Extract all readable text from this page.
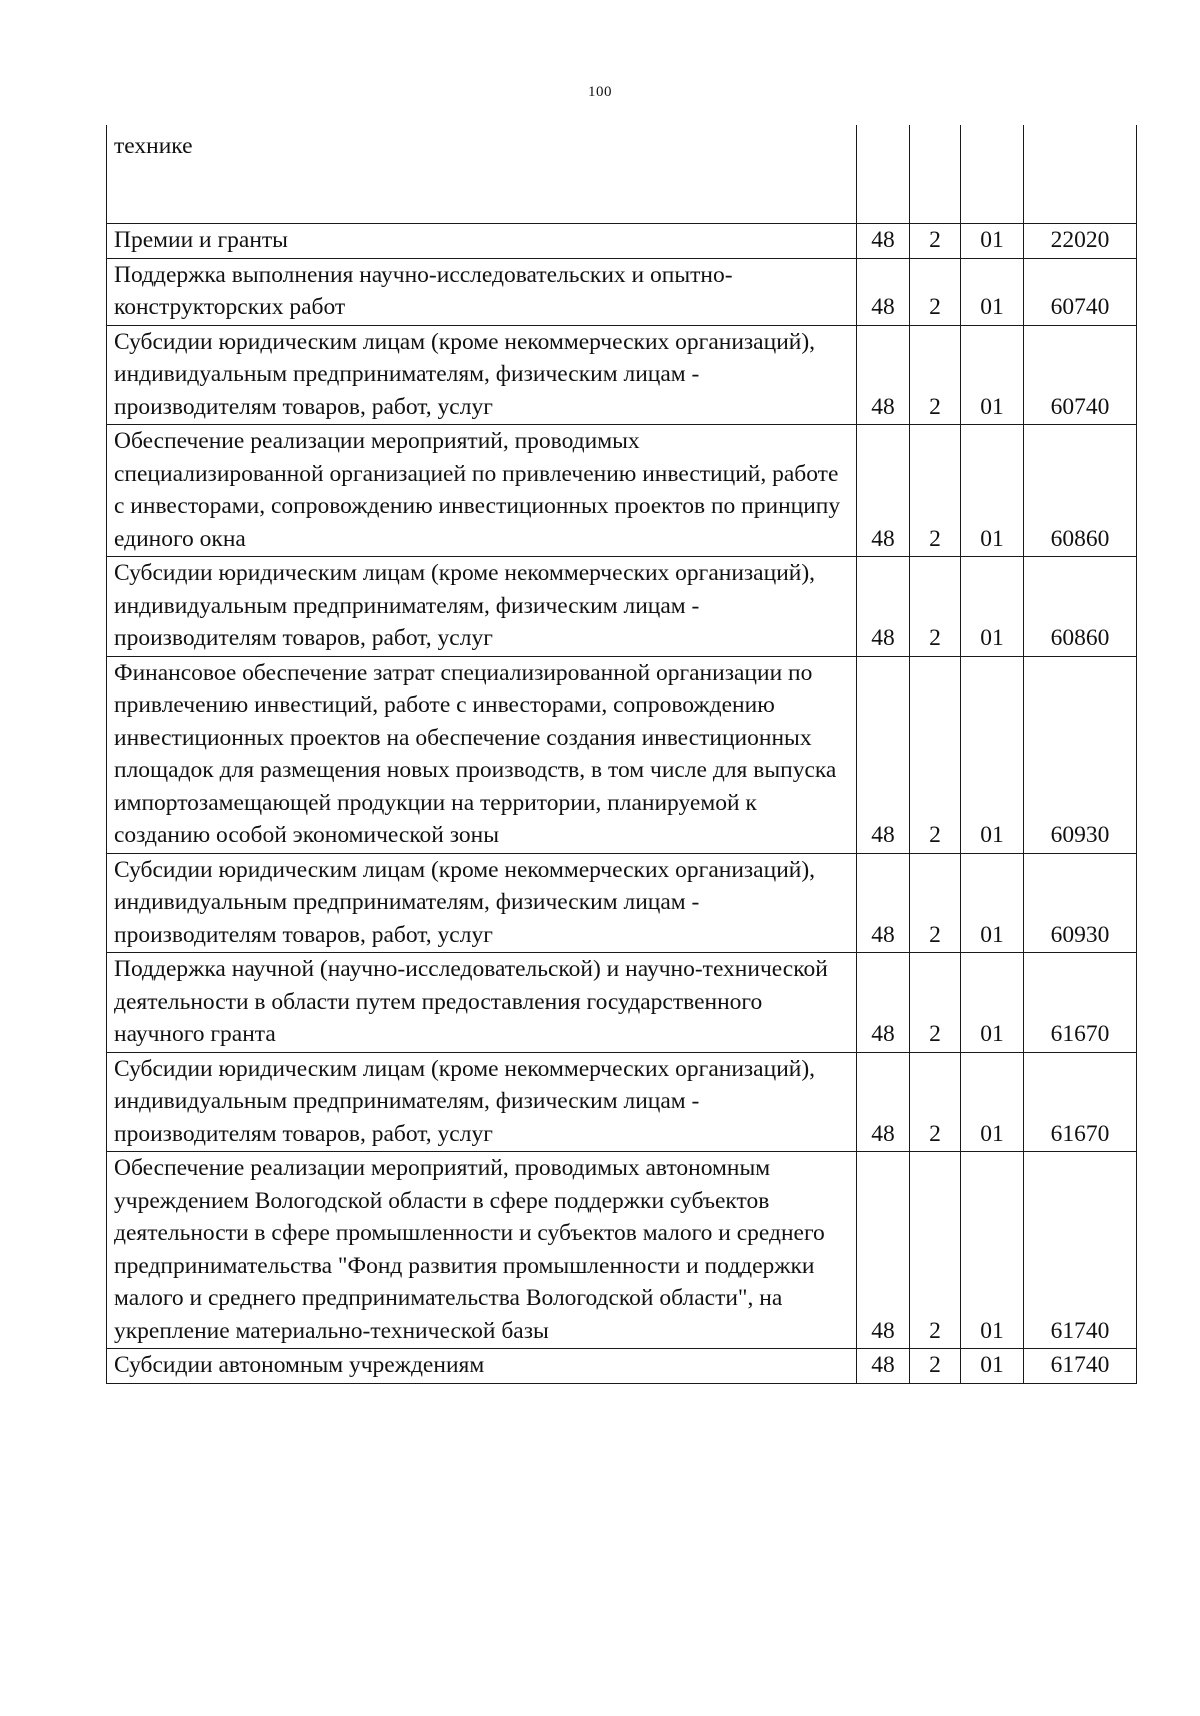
100
технике				
Премии и гранты	48	2	01	22020
Поддержка выполнения научно-исследовательских и опытно-конструкторских работ	48	2	01	60740
Субсидии юридическим лицам (кроме некоммерческих организаций), индивидуальным предпринимателям, физическим лицам - производителям товаров, работ, услуг	48	2	01	60740
Обеспечение реализации мероприятий, проводимых специализированной организацией по привлечению инвестиций, работе с инвесторами, сопровождению инвестиционных проектов по принципу единого окна	48	2	01	60860
Субсидии юридическим лицам (кроме некоммерческих организаций), индивидуальным предпринимателям, физическим лицам - производителям товаров, работ, услуг	48	2	01	60860
Финансовое обеспечение затрат специализированной организации по привлечению инвестиций, работе с инвесторами, сопровождению инвестиционных проектов на обеспечение создания инвестиционных площадок для размещения новых производств, в том числе для выпуска импортозамещающей продукции на территории, планируемой к созданию особой экономической зоны	48	2	01	60930
Субсидии юридическим лицам (кроме некоммерческих организаций), индивидуальным предпринимателям, физическим лицам - производителям товаров, работ, услуг	48	2	01	60930
Поддержка научной (научно-исследовательской) и научно-технической деятельности в области путем предоставления государственного научного гранта	48	2	01	61670
Субсидии юридическим лицам (кроме некоммерческих организаций), индивидуальным предпринимателям, физическим лицам - производителям товаров, работ, услуг	48	2	01	61670
Обеспечение реализации мероприятий, проводимых автономным учреждением Вологодской области в сфере поддержки субъектов деятельности в сфере промышленности и субъектов малого и среднего предпринимательства "Фонд развития промышленности и поддержки малого и среднего предпринимательства Вологодской области", на укрепление материально-технической базы	48	2	01	61740
Субсидии автономным учреждениям	48	2	01	61740
